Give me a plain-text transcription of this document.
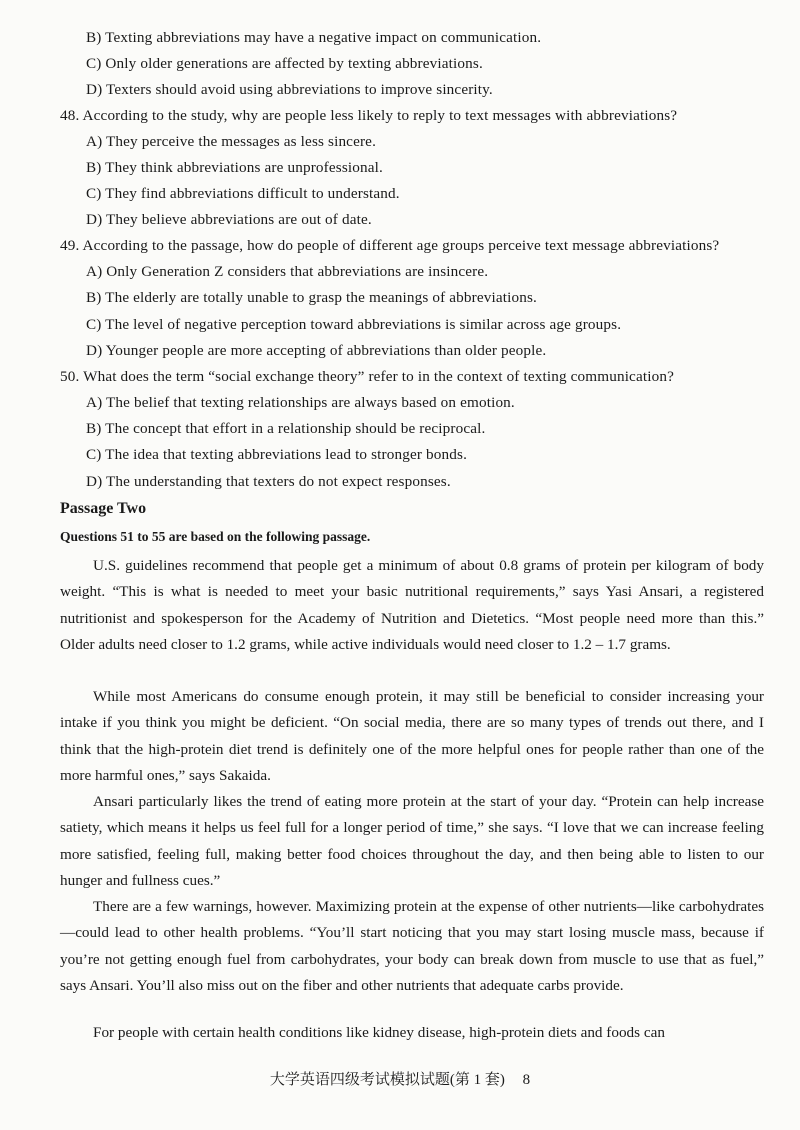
B) Texting abbreviations may have a negative impact on communication.
C) Only older generations are affected by texting abbreviations.
D) Texters should avoid using abbreviations to improve sincerity.
48. According to the study, why are people less likely to reply to text messages with abbreviations?
A) They perceive the messages as less sincere.
B) They think abbreviations are unprofessional.
C) They find abbreviations difficult to understand.
D) They believe abbreviations are out of date.
49. According to the passage, how do people of different age groups perceive text message abbreviations?
A) Only Generation Z considers that abbreviations are insincere.
B) The elderly are totally unable to grasp the meanings of abbreviations.
C) The level of negative perception toward abbreviations is similar across age groups.
D) Younger people are more accepting of abbreviations than older people.
50. What does the term “social exchange theory” refer to in the context of texting communication?
A) The belief that texting relationships are always based on emotion.
B) The concept that effort in a relationship should be reciprocal.
C) The idea that texting abbreviations lead to stronger bonds.
D) The understanding that texters do not expect responses.
Passage Two
Questions 51 to 55 are based on the following passage.

U.S. guidelines recommend that people get a minimum of about 0.8 grams of protein per kilogram of body weight. “This is what is needed to meet your basic nutritional requirements,” says Yasi Ansari, a registered nutritionist and spokesperson for the Academy of Nutrition and Dietetics. “Most people need more than this.” Older adults need closer to 1.2 grams, while active individuals would need closer to 1.2 – 1.7 grams.

While most Americans do consume enough protein, it may still be beneficial to consider increasing your intake if you think you might be deficient. “On social media, there are so many types of trends out there, and I think that the high-protein diet trend is definitely one of the more helpful ones for people rather than one of the more harmful ones,” says Sakaida.

Ansari particularly likes the trend of eating more protein at the start of your day. “Protein can help increase satiety, which means it helps us feel full for a longer period of time,” she says. “I love that we can increase feeling more satisfied, feeling full, making better food choices throughout the day, and then being able to listen to our hunger and fullness cues.”

There are a few warnings, however. Maximizing protein at the expense of other nutrients—like carbohydrates—could lead to other health problems. “You’ll start noticing that you may start losing muscle mass, because if you’re not getting enough fuel from carbohydrates, your body can break down from muscle to use that as fuel,” says Ansari. You’ll also miss out on the fiber and other nutrients that adequate carbs provide.

For people with certain health conditions like kidney disease, high-protein diets and foods can

大学英语四级考试模拟试题(第 1 套) 8
